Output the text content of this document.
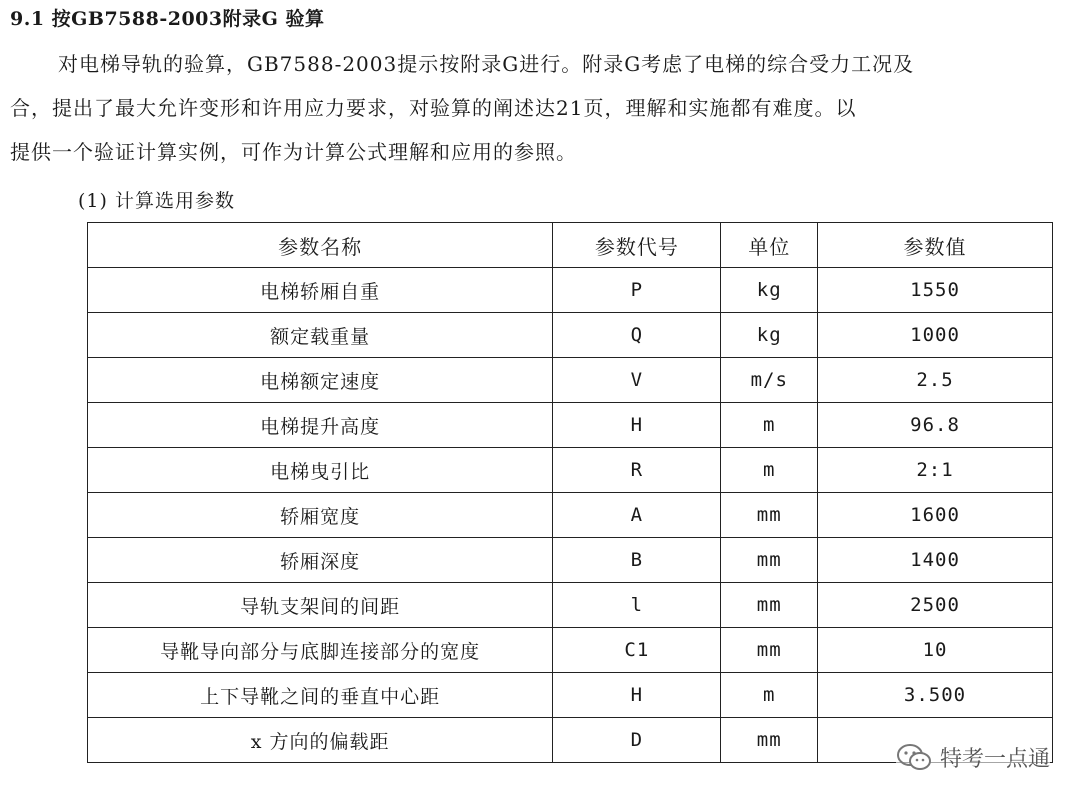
9.1 按GB7588-2003附录G 验算
对电梯导轨的验算，GB7588-2003提示按附录G进行。附录G考虑了电梯的综合受力工况及
合，提出了最大允许变形和许用应力要求，对验算的阐述达21页，理解和实施都有难度。以
提供一个验证计算实例，可作为计算公式理解和应用的参照。
(1) 计算选用参数
参数名称	参数代号	单位	参数值
电梯轿厢自重	P	kg	1550
额定载重量	Q	kg	1000
电梯额定速度	V	m/s	2.5
电梯提升高度	H	m	96.8
电梯曳引比	R	m	2:1
轿厢宽度	A	mm	1600
轿厢深度	B	mm	1400
导轨支架间的间距	l	mm	2500
导靴导向部分与底脚连接部分的宽度	C1	mm	10
上下导靴之间的垂直中心距	H	m	3.500
x 方向的偏载距	D	mm	
特考一点通
